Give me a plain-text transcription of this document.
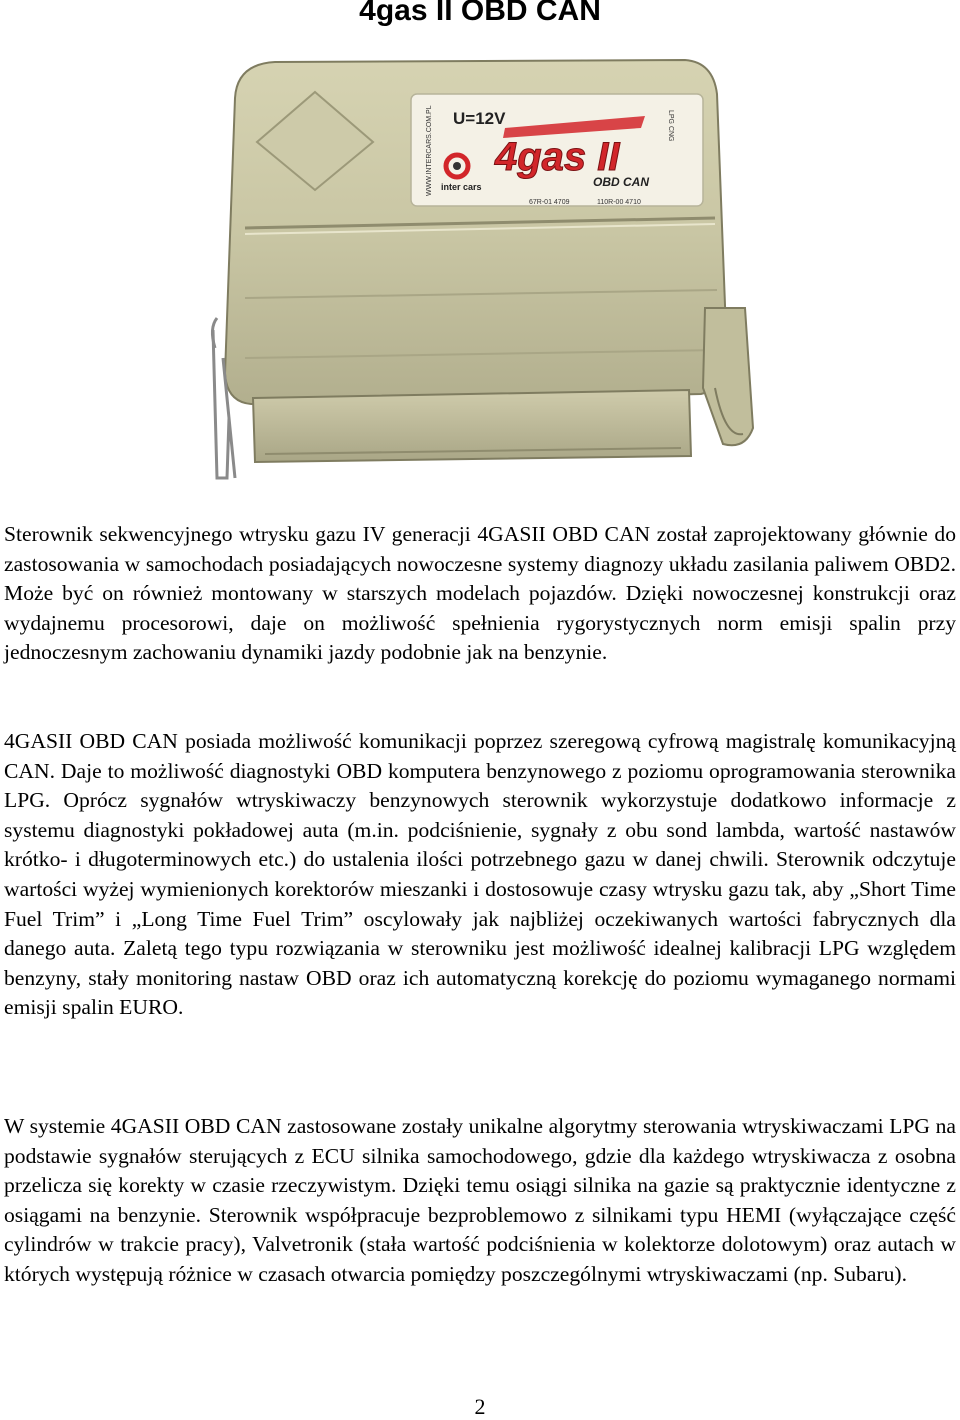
4gas II OBD CAN
U=12V
WWW.INTERCARS.COM.PL inter cars
4gas II
OBD CAN
67R-01 4709	110R-00 4710
LPG CNG

Sterownik sekwencyjnego wtrysku gazu IV generacji 4GASII OBD CAN został zaprojektowany głównie do zastosowania w samochodach posiadających nowoczesne systemy diagnozy układu zasilania paliwem OBD2. Może być on również montowany w starszych modelach pojazdów. Dzięki nowoczesnej konstrukcji oraz wydajnemu procesorowi, daje on możliwość spełnienia rygorystycznych norm emisji spalin przy jednoczesnym zachowaniu dynamiki jazdy podobnie jak na benzynie.

4GASII OBD CAN posiada możliwość komunikacji poprzez szeregową cyfrową magistralę komunikacyjną CAN. Daje to możliwość diagnostyki OBD komputera benzynowego z poziomu oprogramowania sterownika LPG. Oprócz sygnałów wtryskiwaczy benzynowych sterownik wykorzystuje dodatkowo informacje z systemu diagnostyki pokładowej auta (m.in. podciśnienie, sygnały z obu sond lambda, wartość nastawów krótko- i długoterminowych etc.) do ustalenia ilości potrzebnego gazu w danej chwili. Sterownik odczytuje wartości wyżej wymienionych korektorów mieszanki i dostosowuje czasy wtrysku gazu tak, aby „Short Time Fuel Trim” i „Long Time Fuel Trim” oscylowały jak najbliżej oczekiwanych wartości fabrycznych dla danego auta. Zaletą tego typu rozwiązania w sterowniku jest możliwość idealnej kalibracji LPG względem benzyny, stały monitoring nastaw OBD oraz ich automatyczną korekcję do poziomu wymaganego normami emisji spalin EURO.

W systemie 4GASII OBD CAN zastosowane zostały unikalne algorytmy sterowania wtryskiwaczami LPG na podstawie sygnałów sterujących z ECU silnika samochodowego, gdzie dla każdego wtryskiwacza z osobna przelicza się korekty w czasie rzeczywistym. Dzięki temu osiągi silnika na gazie są praktycznie identyczne z osiągami na benzynie. Sterownik współpracuje bezproblemowo z silnikami typu HEMI (wyłączające część cylindrów w trakcie pracy), Valvetronik (stała wartość podciśnienia w kolektorze dolotowym) oraz autach w których występują różnice w czasach otwarcia pomiędzy poszczególnymi wtryskiwaczami (np. Subaru).

2
